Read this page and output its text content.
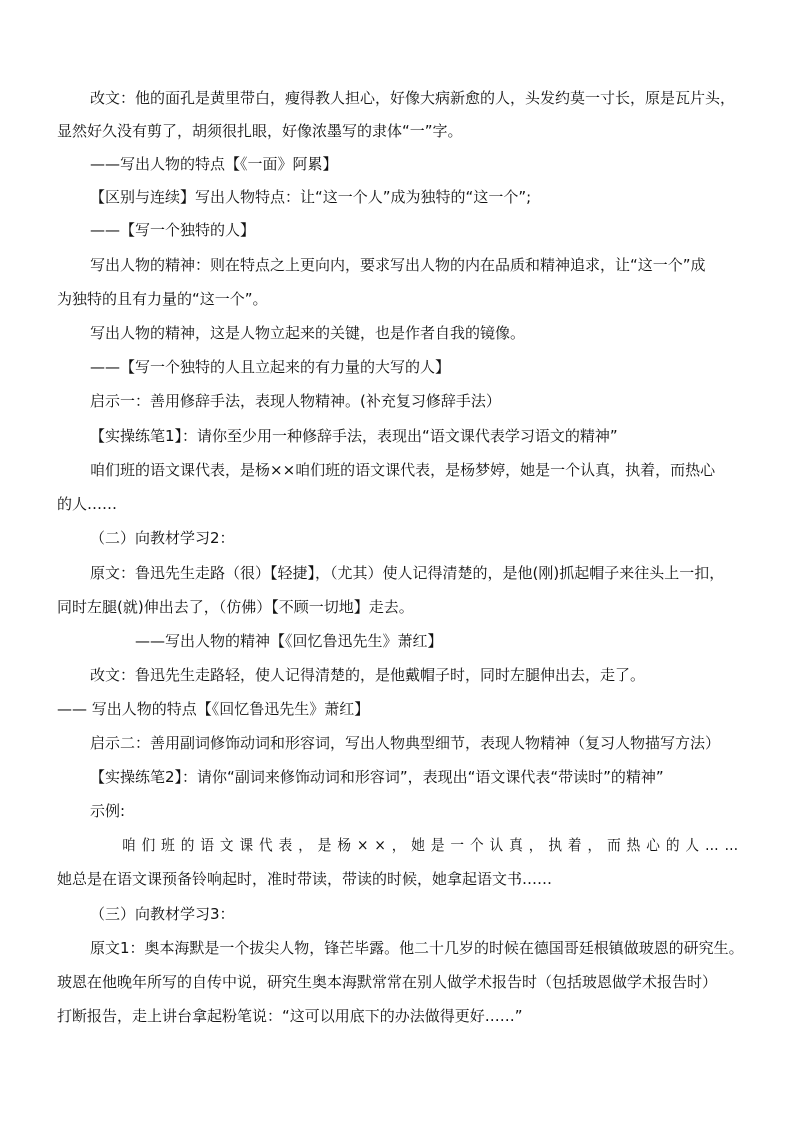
改文：他的面孔是黄里带白，瘦得教人担心，好像大病新愈的人，头发约莫一寸长，原是瓦片头，
显然好久没有剪了，胡须很扎眼，好像浓墨写的隶体“一”字。
——写出人物的特点【《一面》阿累】
【区别与连续】写出人物特点：让“这一个人”成为独特的“这一个”;
——【写一个独特的人】
写出人物的精神：则在特点之上更向内，要求写出人物的内在品质和精神追求，让“这一个”成
为独特的且有力量的“这一个”。
写出人物的精神，这是人物立起来的关键，也是作者自我的镜像。
——【写一个独特的人且立起来的有力量的大写的人】
启示一：善用修辞手法，表现人物精神。(补充复习修辞手法）
【实操练笔1】：请你至少用一种修辞手法，表现出“语文课代表学习语文的精神”
咱们班的语文课代表，是杨××咱们班的语文课代表，是杨梦婷，她是一个认真，执着，而热心
的人……
（二）向教材学习2：
原文：鲁迅先生走路（很）【轻捷】，（尤其）使人记得清楚的，是他(刚)抓起帽子来往头上一扣，
同时左腿(就)伸出去了，（仿佛）【不顾一切地】走去。
——写出人物的精神【《回忆鲁迅先生》萧红】
改文：鲁迅先生走路轻，使人记得清楚的，是他戴帽子时，同时左腿伸出去，走了。
—— 写出人物的特点【《回忆鲁迅先生》萧红】
启示二：善用副词修饰动词和形容词，写出人物典型细节，表现人物精神（复习人物描写方法）
【实操练笔2】：请你“副词来修饰动词和形容词”，表现出“语文课代表“带读时”的精神”
示例:
咱们班的语文课代表，是杨××，她是一个认真，执着，而热心的人……
她总是在语文课预备铃响起时，准时带读，带读的时候，她拿起语文书……
（三）向教材学习3：
原文1：奥本海默是一个拔尖人物，锋芒毕露。他二十几岁的时候在德国哥廷根镇做玻恩的研究生。
玻恩在他晚年所写的自传中说，研究生奥本海默常常在别人做学术报告时（包括玻恩做学术报告时）
打断报告，走上讲台拿起粉笔说：“这可以用底下的办法做得更好……”
